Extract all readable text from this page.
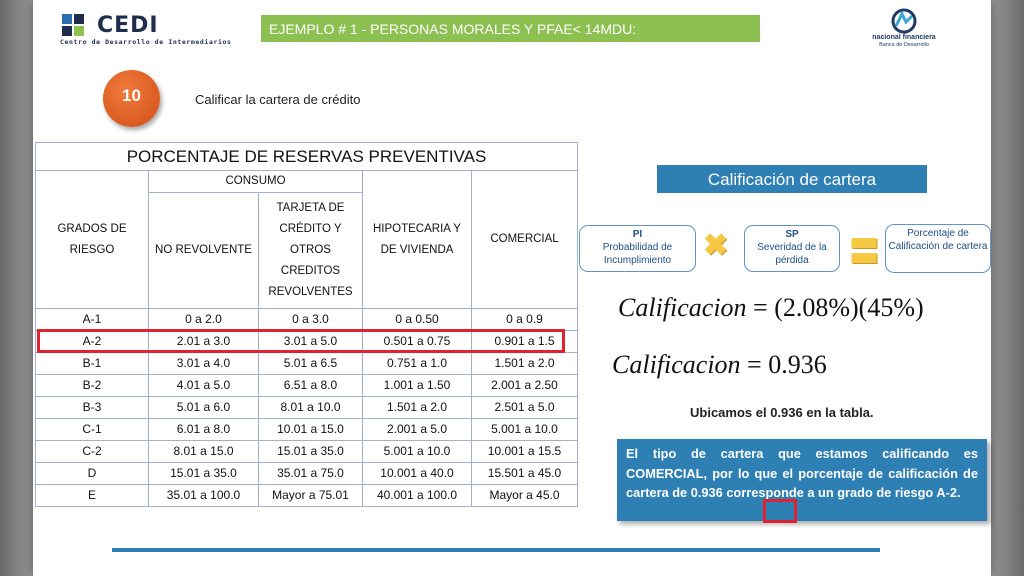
CEDI
Centro de Desarrollo de Intermediarios
EJEMPLO # 1 - PERSONAS MORALES Y PFAE< 14MDU:
nacional financiera
Banca de Desarrollo
10	Calificar la cartera de crédito
PORCENTAJE DE RESERVAS PREVENTIVAS				
GRADOS DE RIESGO	CONSUMO		HIPOTECARIA Y DE VIVIENDA	COMERCIAL
	NO REVOLVENTE	TARJETA DE CRÉDITO Y OTROS CREDITOS REVOLVENTES		
A-1	0 a 2.0	0 a 3.0	0 a 0.50	0 a 0.9
A-2	2.01 a 3.0	3.01 a 5.0	0.501 a 0.75	0.901 a 1.5
B-1	3.01 a 4.0	5.01 a 6.5	0.751 a 1.0	1.501 a 2.0
B-2	4.01 a 5.0	6.51 a 8.0	1.001 a 1.50	2.001 a 2.50
B-3	5.01 a 6.0	8.01 a 10.0	1.501 a 2.0	2.501 a 5.0
C-1	6.01 a 8.0	10.01 a 15.0	2.001 a 5.0	5.001 a 10.0
C-2	8.01 a 15.0	15.01 a 35.0	5.001 a 10.0	10.001 a 15.5
D	15.01 a 35.0	35.01 a 75.0	10.001 a 40.0	15.501 a 45.0
E	35.01 a 100.0	Mayor a 75.01	40.001 a 100.0	Mayor a 45.0
Calificación de cartera
PI
Probabilidad de Incumplimiento	✖	SP
Severidad de la pérdida	〓
Porcentaje de Calificación de cartera
Calificacion = (2.08%)(45%)
Calificacion = 0.936
Ubicamos el 0.936 en la tabla.
El tipo de cartera que estamos calificando es COMERCIAL, por lo que el porcentaje de calificación de cartera de 0.936 corresponde a un grado de riesgo A-2.
